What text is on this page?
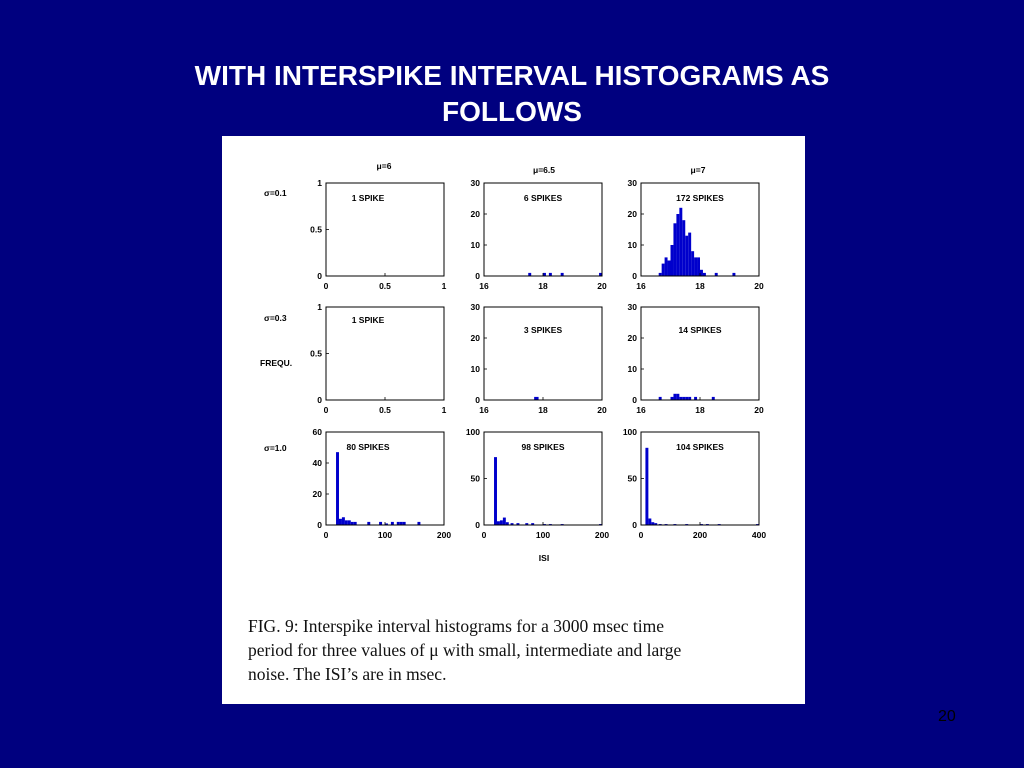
WITH INTERSPIKE INTERVAL HISTOGRAMS AS
FOLLOWS
μ=6	μ=6.5	μ=7
σ=0.1
σ=0.3
FREQU.
σ=1.0
ISI
0	0.5	1
0
0.5
1
1 SPIKE
16	18	20
0
10
20
30
6 SPIKES
16	18	20
0
10
20
30
172 SPIKES
0	0.5	1
0
0.5
1
1 SPIKE
16	18	20
0
10
20
30
3 SPIKES
16	18	20
0
10
20
30
14 SPIKES
0	100	200
0
20
40
60
80 SPIKES
0	100	200
0
50
100
98 SPIKES
0	200	400
0
50
100
104 SPIKES
FIG. 9: Interspike interval histograms for a 3000 msec time
period for three values of μ with small, intermediate and large
noise. The ISI’s are in msec.
20
